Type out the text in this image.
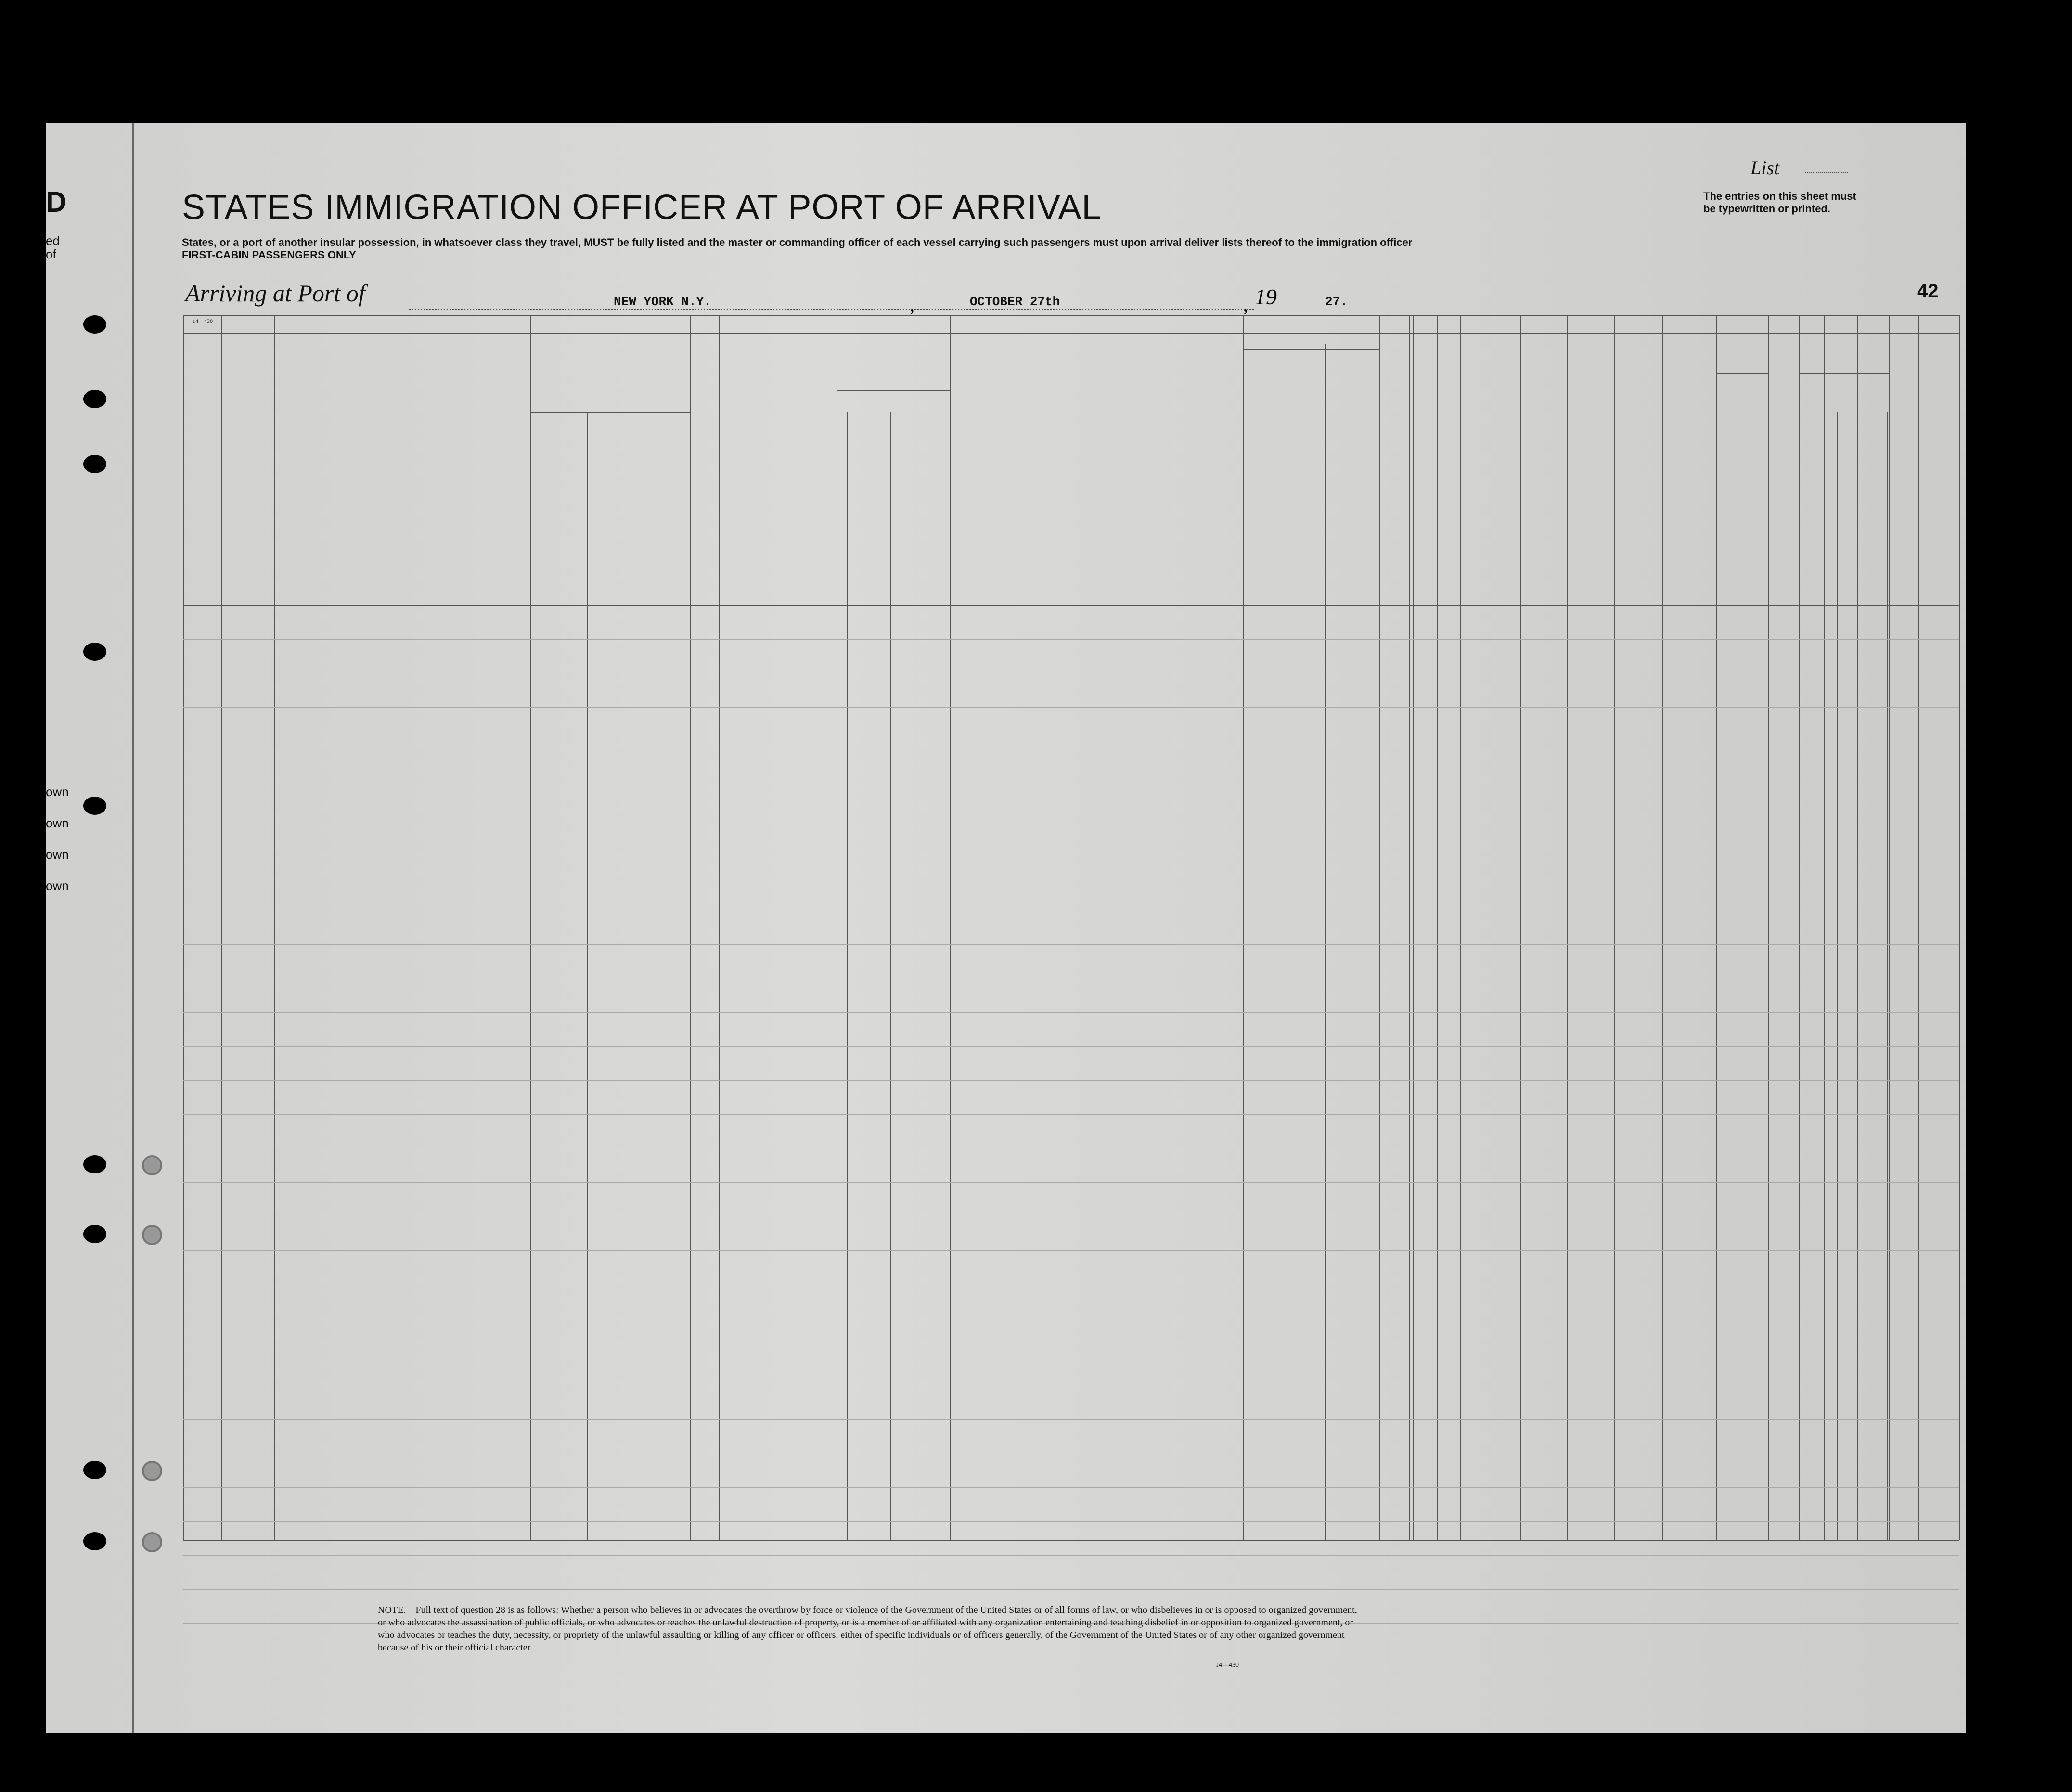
D
ed
of
own
own
own
own
List
The entries on this sheet must
be typewritten or printed.
STATES IMMIGRATION OFFICER AT PORT OF ARRIVAL
States, or a port of another insular possession, in whatsoever class they travel, MUST be fully listed and the master or commanding officer of each vessel carrying such passengers must upon arrival deliver lists thereof to the immigration officer
FIRST-CABIN PASSENGERS ONLY
Arriving at Port of	NEW YORK N.Y.	,	OCTOBER 27th	, 19	27.	42
14—430
NOTE.—Full text of question 28 is as follows: Whether a person who believes in or advocates the overthrow by force or violence of the Government of the United States or of all forms of law, or who disbelieves in or is opposed to organized government, or who advocates the assassination of public officials, or who advocates or teaches the unlawful destruction of property, or is a member of or affiliated with any organization entertaining and teaching disbelief in or opposition to organized government, or who advocates or teaches the duty, necessity, or propriety of the unlawful assaulting or killing of any officer or officers, either of specific individuals or of officers generally, of the Government of the United States or of any other organized government because of his or their official character.
14—430
